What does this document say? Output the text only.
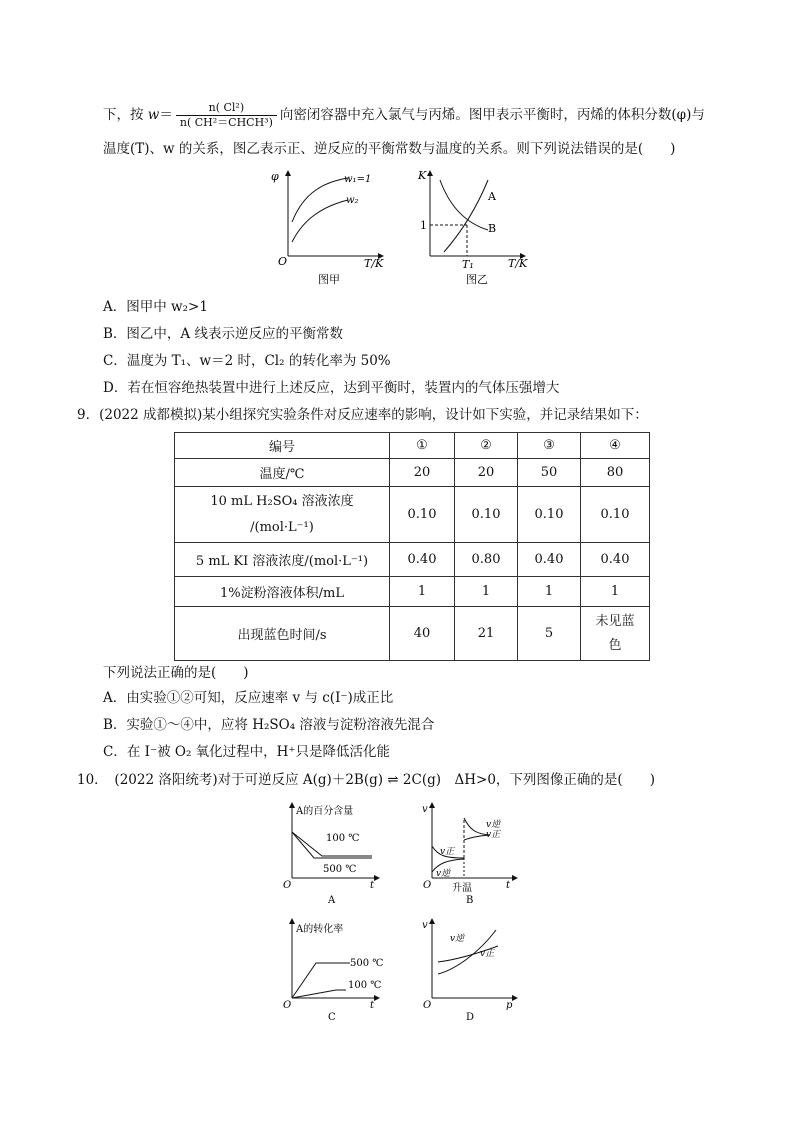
下，按 $w= \frac{\text{n( Cl²)}}{\text{n( CH²＝CHCH³)}}$ 向密闭容器中充入氯气与丙烯。图甲表示平衡时，丙烯的体积分数(φ)与
温度(T)、w 的关系，图乙表示正、逆反应的平衡常数与温度的关系。则下列说法错误的是(　　)
φ
O	T/K
w₁=1
w₂
图甲
K
1
A
B
T₁	T/K
图乙
A．图甲中 w₂>1
B．图乙中，A 线表示逆反应的平衡常数
C．温度为 T₁、w＝2 时，Cl₂ 的转化率为 50%
D．若在恒容绝热装置中进行上述反应，达到平衡时，装置内的气体压强增大
9．(2022 成都模拟)某小组探究实验条件对反应速率的影响，设计如下实验，并记录结果如下：
编号	①	②	③	④
温度/℃	20	20	50	80
10 mL H₂SO₄ 溶液浓度
/(mol·L⁻¹)	0.10	0.10	0.10	0.10
5 mL KI 溶液浓度/(mol·L⁻¹)	0.40	0.80	0.40	0.40
1%淀粉溶液体积/mL	1	1	1	1
出现蓝色时间/s	40	21	5	未见蓝
色
下列说法正确的是(　　)
A．由实验①②可知，反应速率 v 与 c(I⁻)成正比
B．实验①～④中，应将 H₂SO₄ 溶液与淀粉溶液先混合
C．在 I⁻被 O₂ 氧化过程中，H⁺只是降低活化能
10．　(2022 洛阳统考)对于可逆反应 A(g)＋2B(g) ⇌ 2C(g)　ΔH>0，下列图像正确的是(　　)
A的百分含量
100 ℃
500 ℃
O	t
A
v
v逆
v正
v正
v逆
O 升温	t
B
A的转化率
500 ℃
100 ℃
O	t
C
v
v逆
v正
O	p
D
